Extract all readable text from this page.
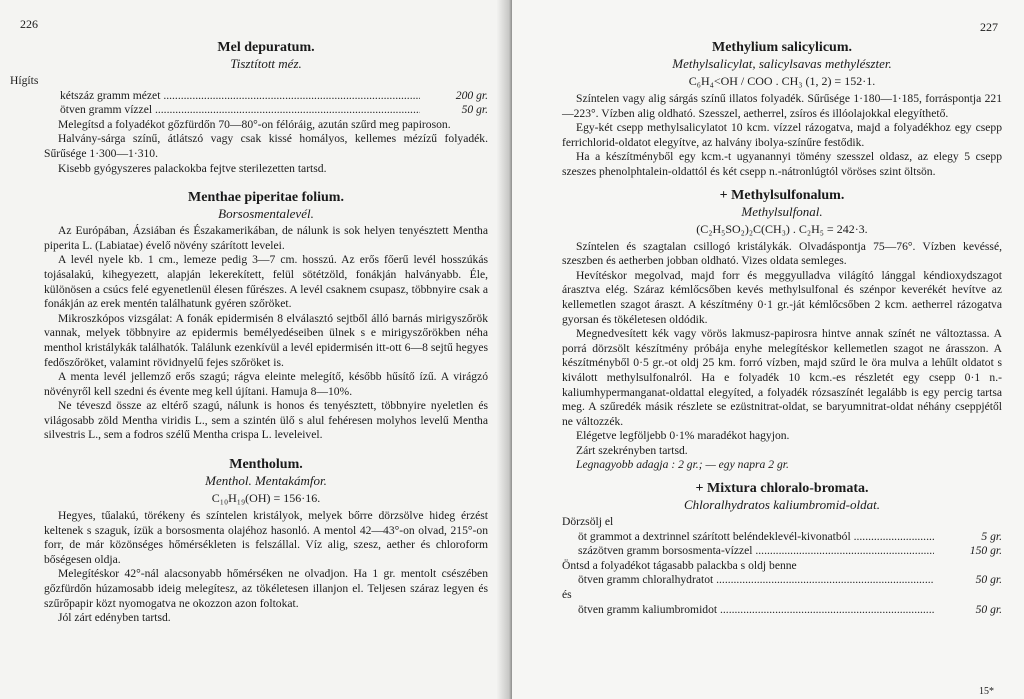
226
Mel depuratum.
Tisztított méz.
Hígíts
kétszáz gramm mézet .....	200 gr.
ötven gramm vízzel .....	50 gr.

Melegítsd a folyadékot gőzfürdőn 70—80°-on félóráig, azután szűrd meg papiroson.

Halvány-sárga színű, átlátszó vagy csak kissé homályos, kellemes mézízű folyadék. Sűrűsége 1·300—1·310.

Kisebb gyógyszeres palackokba fejtve sterilezetten tartsd.

Menthae piperitae folium.
Borsosmentalevél.

Az Európában, Ázsiában és Északamerikában, de nálunk is sok helyen tenyésztett Mentha piperita L. (Labiatae) évelő növény szárított levelei.

A levél nyele kb. 1 cm., lemeze pedig 3—7 cm. hosszú. Az erős főerű levél hosszúkás tojásalakú, kihegyezett, alapján lekerekített, felül sötétzöld, fonákján halványabb. Éle, különösen a csúcs felé egyenetlenül élesen fűrészes. A levél csaknem csupasz, többnyire csak a fonákján az erek mentén találhatunk gyéren szőröket.

Mikroszkópos vizsgálat: A fonák epidermisén 8 elválasztó sejtből álló barnás mirigyszőrök vannak, melyek többnyire az epidermis bemélyedéseiben ülnek s e mirigyszőrökben néha menthol kristálykák találhatók. Találunk ezenkívül a levél epidermisén itt-ott 6—8 sejtű hegyes fedőszőröket, valamint rövidnyelű fejes szőröket is.

A menta levél jellemző erős szagú; rágva eleinte melegítő, később hűsítő ízű. A virágzó növényről kell szedni és évente meg kell újítani. Hamuja 8—10%.

Ne téveszd össze az eltérő szagú, nálunk is honos és tenyésztett, többnyire nyeletlen és világosabb zöld Mentha viridis L., sem a szintén ülő s alul fehéresen molyhos levelű Mentha silvestris L., sem a fodros szélű Mentha crispa L. leveleivel.

Mentholum.
Menthol. Mentakámfor.
C₁₀H₁₉(OH) = 156·16.

Hegyes, tűalakú, törékeny és színtelen kristályok, melyek bőrre dörzsölve hideg érzést keltenek s szaguk, ízük a borsosmenta olajéhoz hasonló. A mentol 42—43°-on olvad, 215°-on forr, de már közönséges hőmérsékleten is felszállal. Víz alig, szesz, aether és chloroform bőségesen oldja.

Melegítéskor 42°-nál alacsonyabb hőmérséken ne olvadjon. Ha 1 gr. mentolt csészében gőzfürdőn húzamosabb ideig melegítesz, az tökéletesen illanjon el. Teljesen száraz legyen és szűrőpapir közt nyomogatva ne okozzon azon foltokat.

Jól zárt edényben tartsd.

227
Methylium salicylicum.
Methylsalicylat, salicylsavas methylészter.
C₆H₄<OH / COO . CH₃ (1, 2) = 152·1.

Színtelen vagy alig sárgás színű illatos folyadék. Sűrűsége 1·180—1·185, forráspontja 221—223°. Vízben alig oldható. Szesszel, aetherrel, zsíros és illóolajokkal elegyíthető.

Egy-két csepp methylsalicylatot 10 kcm. vízzel rázogatva, majd a folyadékhoz egy csepp ferrichlorid-oldatot elegyítve, az halvány ibolya-színűre festődik.

Ha a készítményből egy kcm.-t ugyanannyi tömény szesszel oldasz, az elegy 5 csepp szeszes phenolphtalein-oldattól és két csepp n.-nátronlúgtól vöröses szint öltsön.

+ Methylsulfonalum.
Methylsulfonal.
(C₂H₅SO₂)₂C(CH₃) . C₂H₅ = 242·3.

Színtelen és szagtalan csillogó kristálykák. Olvadáspontja 75—76°. Vízben kevéssé, szeszben és aetherben jobban oldható. Vizes oldata semleges.

Hevítéskor megolvad, majd forr és meggyulladva világító lánggal kéndioxydszagot árasztva elég. Száraz kémlőcsőben kevés methylsulfonal és szénpor keverékét hevítve az kellemetlen szagot áraszt. A készítmény 0·1 gr.-ját kémlőcsőben 2 kcm. aetherrel rázogatva gyorsan és tökéletesen oldódik.

Megnedvesített kék vagy vörös lakmusz-papirosra hintve annak színét ne változtassa. A porrá dörzsölt készítmény próbája enyhe melegítéskor kellemetlen szagot ne árasszon. A készítményből 0·5 gr.-ot oldj 25 km. forró vízben, majd szűrd le öra mulva a lehűlt oldatot s kiválott methylsulfonalról. Ha e folyadék 10 kcm.-es részletét egy csepp 0·1 n.-kaliumhypermanganat-oldattal elegyíted, a folyadék rózsaszínét legalább is egy percig tartsa meg. A szűredék másik részlete se ezüstnitrat-oldat, se baryumnitrat-oldat néhány cseppjétől ne változzék.

Elégetve legföljebb 0·1% maradékot hagyjon.

Zárt szekrényben tartsd.

Legnagyobb adagja : 2 gr.; — egy napra 2 gr.

+ Mixtura chloralo-bromata.
Chloralhydratos kaliumbromid-oldat.
Dörzsölj el
öt grammot a dextrinnel szárított beléndeklevél-kivonatból .....	5 gr.
százötven gramm borsosmenta-vízzel .....	150 gr.
Öntsd a folyadékot tágasabb palackba s oldj benne
ötven gramm chloralhydratot .....	50 gr.
és
ötven gramm kaliumbromidot .....	50 gr.
15*
